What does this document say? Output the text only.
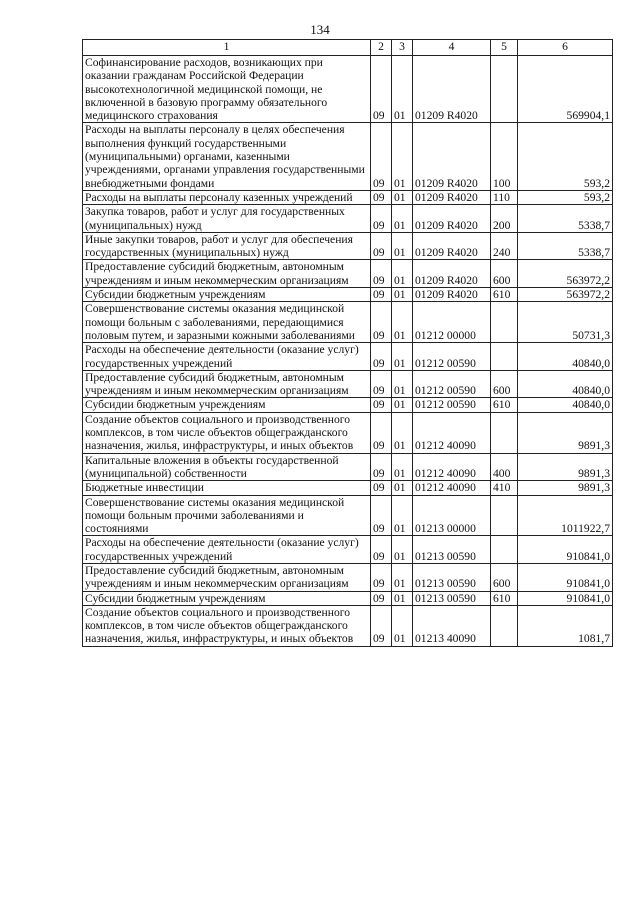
134
1	2	3	4	5	6
Софинансирование расходов, возникающих при оказании гражданам Российской Федерации высокотехнологичной медицинской помощи, не включенной в базовую программу обязательного медицинского страхования	09	01	01209 R4020		569904,1
Расходы на выплаты персоналу в целях обеспечения выполнения функций государственными (муниципальными) органами, казенными учреждениями, органами управления государственными внебюджетными фондами	09	01	01209 R4020	100	593,2
Расходы на выплаты персоналу казенных учреждений	09	01	01209 R4020	110	593,2
Закупка товаров, работ и услуг для государственных (муниципальных) нужд	09	01	01209 R4020	200	5338,7
Иные закупки товаров, работ и услуг для обеспечения государственных (муниципальных) нужд	09	01	01209 R4020	240	5338,7
Предоставление субсидий бюджетным, автономным учреждениям и иным некоммерческим организациям	09	01	01209 R4020	600	563972,2
Субсидии бюджетным учреждениям	09	01	01209 R4020	610	563972,2
Совершенствование системы оказания медицинской помощи больным с заболеваниями, передающимися половым путем, и заразными кожными заболеваниями	09	01	01212 00000		50731,3
Расходы на обеспечение деятельности (оказание услуг) государственных учреждений	09	01	01212 00590		40840,0
Предоставление субсидий бюджетным, автономным учреждениям и иным некоммерческим организациям	09	01	01212 00590	600	40840,0
Субсидии бюджетным учреждениям	09	01	01212 00590	610	40840,0
Создание объектов социального и производственного комплексов, в том числе объектов общегражданского назначения, жилья, инфраструктуры, и иных объектов	09	01	01212 40090		9891,3
Капитальные вложения в объекты государственной (муниципальной) собственности	09	01	01212 40090	400	9891,3
Бюджетные инвестиции	09	01	01212 40090	410	9891,3
Совершенствование системы оказания медицинской помощи больным прочими заболеваниями и состояниями	09	01	01213 00000		1011922,7
Расходы на обеспечение деятельности (оказание услуг) государственных учреждений	09	01	01213 00590		910841,0
Предоставление субсидий бюджетным, автономным учреждениям и иным некоммерческим организациям	09	01	01213 00590	600	910841,0
Субсидии бюджетным учреждениям	09	01	01213 00590	610	910841,0
Создание объектов социального и производственного комплексов, в том числе объектов общегражданского назначения, жилья, инфраструктуры, и иных объектов	09	01	01213 40090		1081,7
